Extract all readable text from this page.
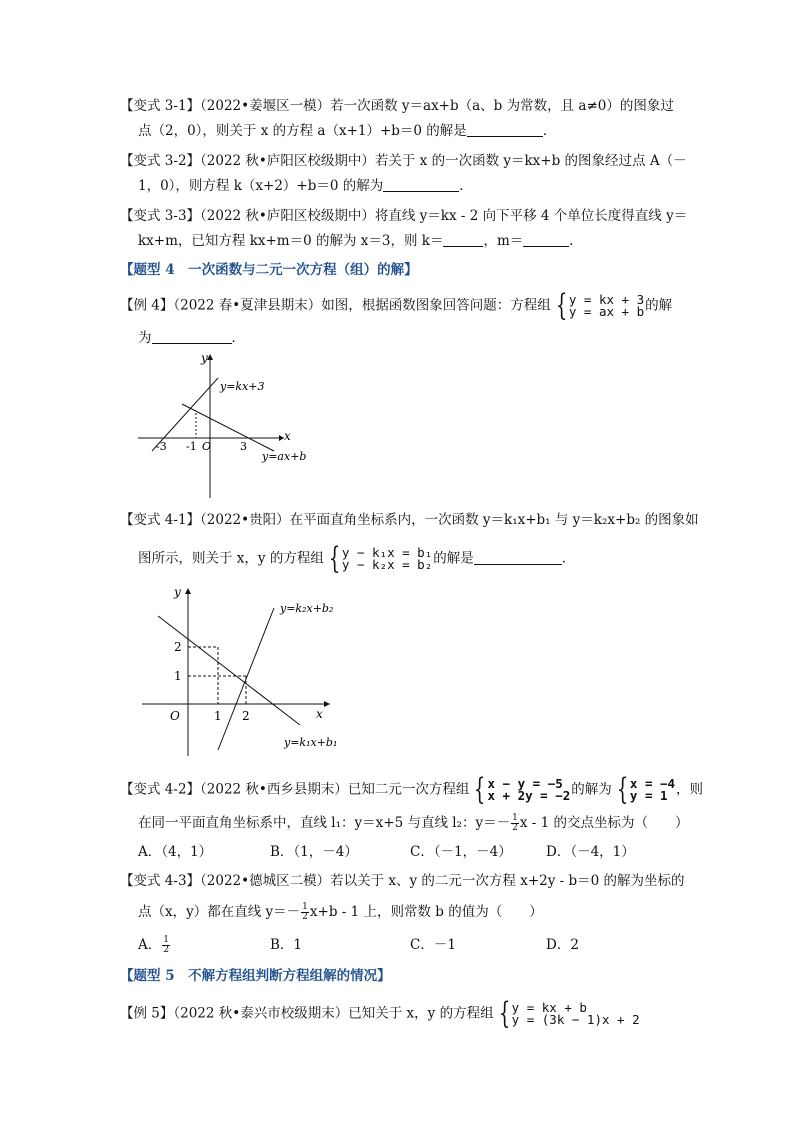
【变式 3-1】（2022•姜堰区一模）若一次函数 y＝ax+b（a、b 为常数，且 a≠0）的图象过
点（2，0），则关于 x 的方程 a（x+1）+b＝0 的解是	．
【变式 3-2】（2022 秋•庐阳区校级期中）若关于 x 的一次函数 y＝kx+b 的图象经过点 A（－
1，0），则方程 k（x+2）+b＝0 的解为	．
【变式 3-3】（2022 秋•庐阳区校级期中）将直线 y＝kx - 2 向下平移 4 个单位长度得直线 y＝
kx+m，已知方程 kx+m＝0 的解为 x＝3，则 k＝	，m＝	．
【题型 4　一次函数与二元一次方程（组）的解】
【例 4】（2022 春•夏津县期末）如图，根据函数图象回答问题：方程组 { y = kx + 3
y = ax + b 的解
为	．
y
x
O
-3 -1	3
y=kx+3
y=ax+b
【变式 4-1】（2022•贵阳）在平面直角坐标系内，一次函数 y＝k₁x+b₁ 与 y＝k₂x+b₂ 的图象如
图所示，则关于 x，y 的方程组 { y − k₁x = b₁
y − k₂x = b₂ 的解是	．
y
x
O	1 2
1
2
y=k₂x+b₂
y=k₁x+b₁
【变式 4-2】（2022 秋•西乡县期末）已知二元一次方程组 { x − y = −5
x + 2y = −2 的解为 { x = −4
y = 1 ，则
在同一平面直角坐标系中，直线 l₁：y＝x+5 与直线 l₂：$y=- \frac{1}{2}$ x - 1 的交点坐标为（　　）
A．（4，1）	B．（1，－4）	C．（－1，－4）	D．（－4，1）
【变式 4-3】（2022•德城区二模）若以关于 x、y 的二元一次方程 x+2y - b＝0 的解为坐标的
点（x，y）都在直线 $y=- \frac{1}{2} x+b - 1$ 上，则常数 b 的值为（　　）
A． $\frac{1}{2}$	B．1	C．－1	D．2
【题型 5　不解方程组判断方程组解的情况】
【例 5】（2022 秋•泰兴市校级期末）已知关于 x，y 的方程组 { y = kx + b
y = (3k − 1)x + 2
